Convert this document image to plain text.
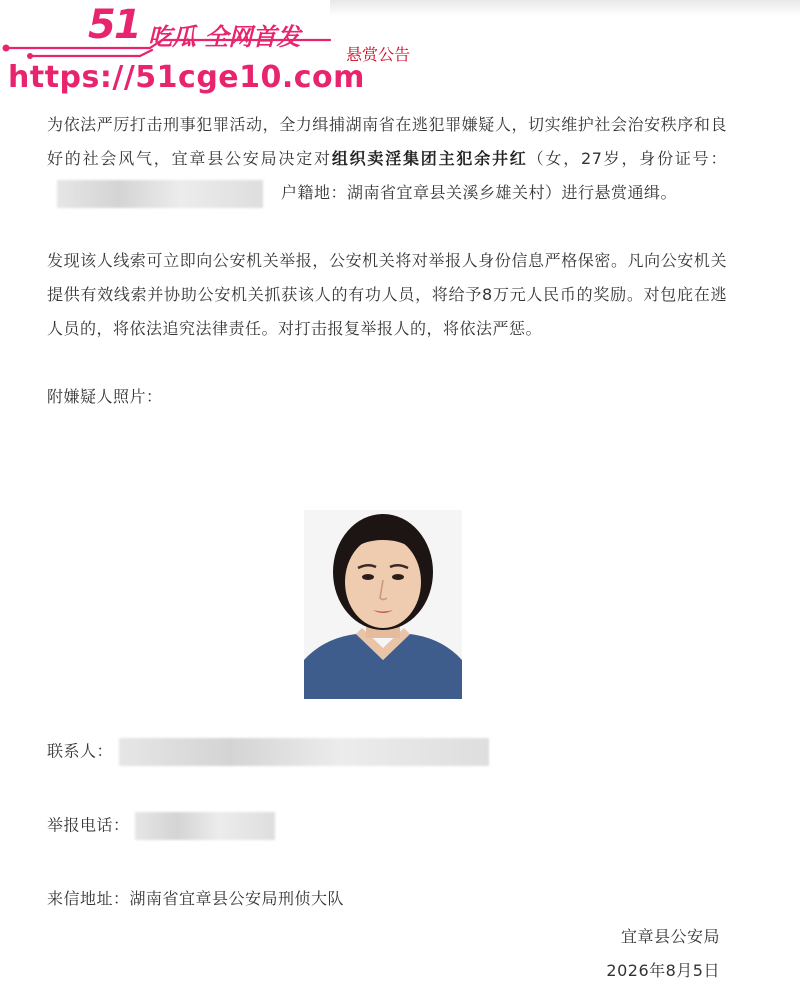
51 吃瓜 全网首发
https://51cge10.com
悬赏公告

为依法严厉打击刑事犯罪活动，全力缉捕湖南省在逃犯罪嫌疑人，切实维护社会治安秩序和良好的社会风气，宜章县公安局决定对组织卖淫集团主犯余井红（女，27岁，身份证号：户籍地：湖南省宜章县关溪乡雄关村）进行悬赏通缉。

发现该人线索可立即向公安机关举报，公安机关将对举报人身份信息严格保密。凡向公安机关提供有效线索并协助公安机关抓获该人的有功人员，将给予8万元人民币的奖励。对包庇在逃人员的，将依法追究法律责任。对打击报复举报人的，将依法严惩。

附嫌疑人照片：

联系人：
举报电话：
来信地址：湖南省宜章县公安局刑侦大队
宜章县公安局
2026年8月5日
